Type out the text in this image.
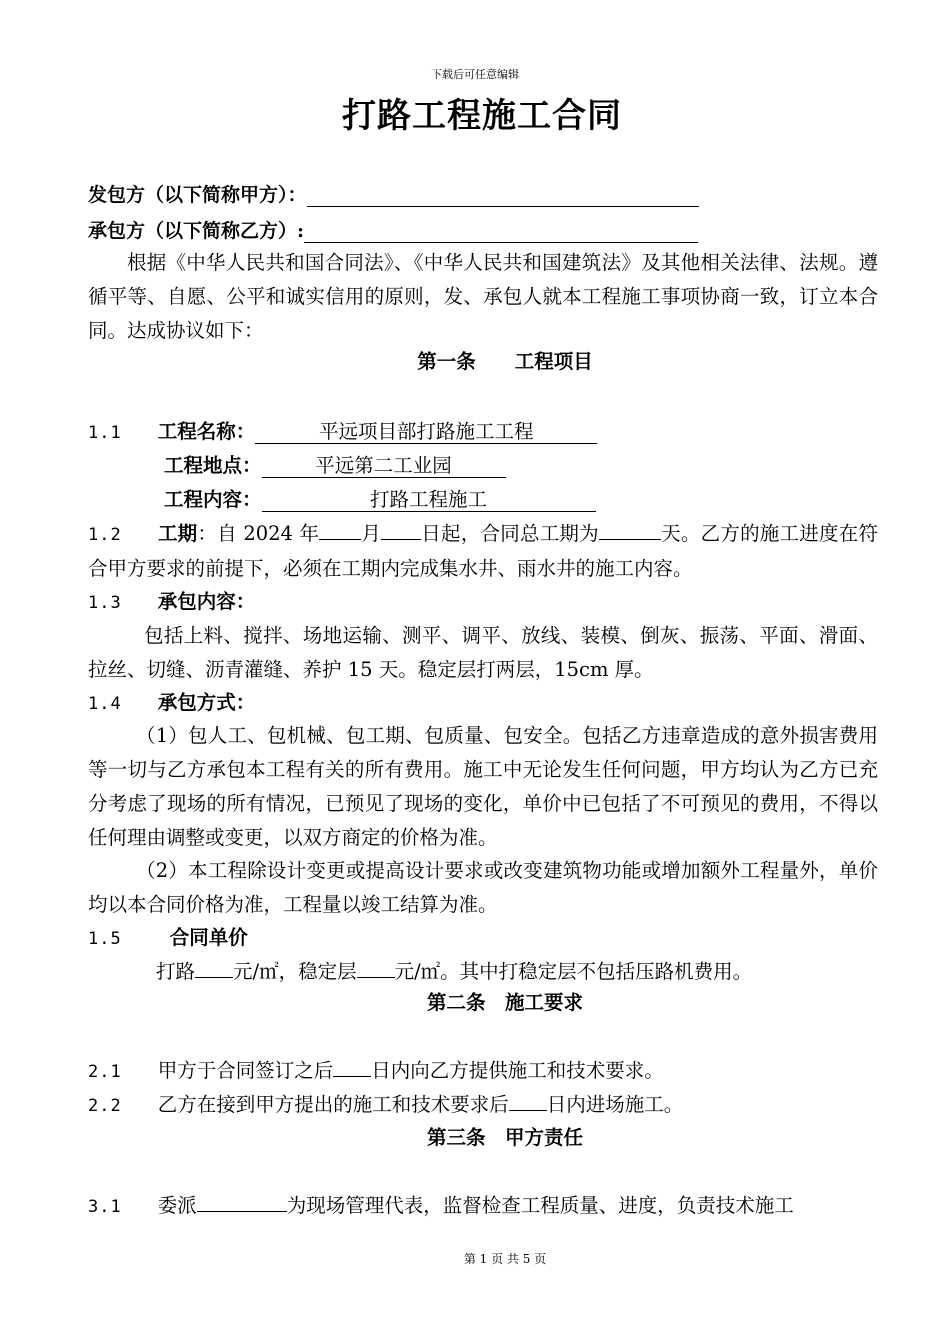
下载后可任意编辑
打路工程施工合同
发包方（以下简称甲方）：
承包方（以下简称乙方）:
根据《中华人民共和国合同法》、《中华人民共和国建筑法》及其他相关法律、法规。遵循平等、自愿、公平和诚实信用的原则，发、承包人就本工程施工事项协商一致，订立本合同。达成协议如下：
第一条　　工程项目
1.1 工程名称：	平远项目部打路施工工程
工程地点：	平远第二工业园
工程内容：	打路工程施工
1.2 工期：自 2024 年 月 日起，合同总工期为	天。乙方的施工进度在符合甲方要求的前提下，必须在工期内完成集水井、雨水井的施工内容。
1.3 承包内容：
包括上料、搅拌、场地运输、测平、调平、放线、装模、倒灰、振荡、平面、滑面、拉丝、切缝、沥青灌缝、养护 15 天。稳定层打两层，15cm 厚。
1.4 承包方式：
（1）包人工、包机械、包工期、包质量、包安全。包括乙方违章造成的意外损害费用等一切与乙方承包本工程有关的所有费用。施工中无论发生任何问题，甲方均认为乙方已充分考虑了现场的所有情况，已预见了现场的变化，单价中已包括了不可预见的费用，不得以任何理由调整或变更，以双方商定的价格为准。
（2）本工程除设计变更或提高设计要求或改变建筑物功能或增加额外工程量外，单价均以本合同价格为准，工程量以竣工结算为准。
1.5 合同单价
打路 元/㎡，稳定层 元/㎡。其中打稳定层不包括压路机费用。
第二条　施工要求
2.1 甲方于合同签订之后 日内向乙方提供施工和技术要求。
2.2 乙方在接到甲方提出的施工和技术要求后 日内进场施工。
第三条　甲方责任
3.1 委派	为现场管理代表，监督检查工程质量、进度，负责技术施工
第 1 页 共 5 页
